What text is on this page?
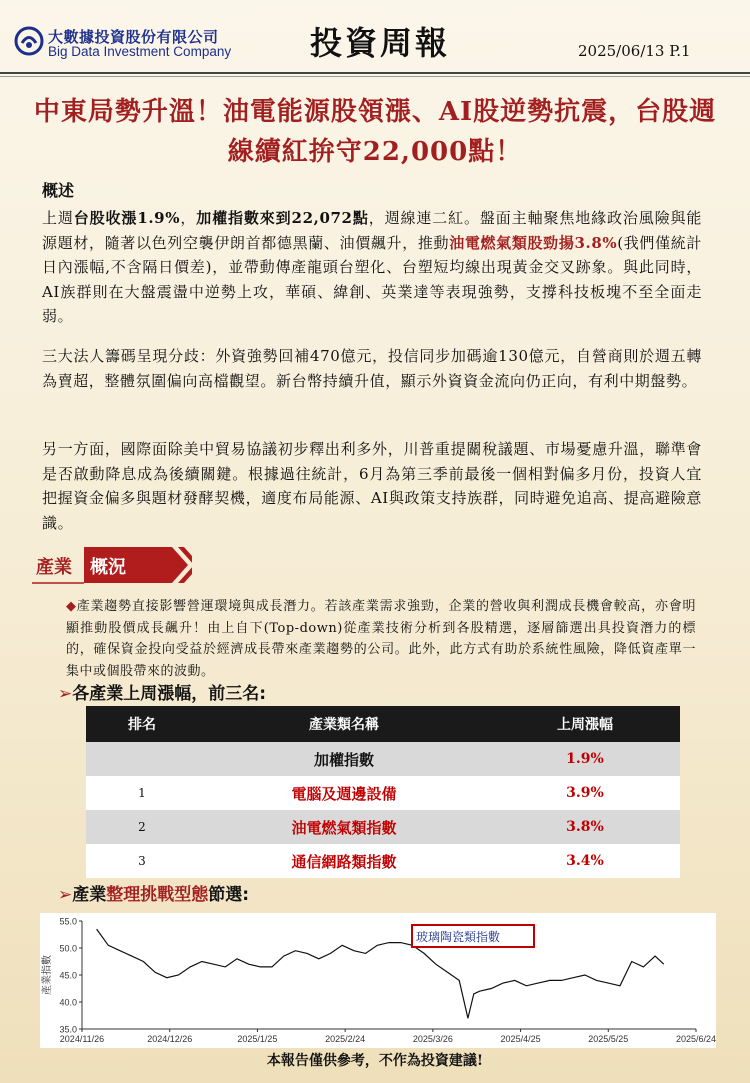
大數據投資股份有限公司
Big Data Investment Company 投資周報	2025/06/13 P.1
中東局勢升溫！油電能源股領漲、AI股逆勢抗震，台股週線續紅拚守22,000點！
概述
上週台股收漲1.9%，加權指數來到22,072點，週線連二紅。盤面主軸聚焦地緣政治風險與能源題材，隨著以色列空襲伊朗首都德黑蘭、油價飆升，推動油電燃氣類股勁揚3.8%(我們僅統計日內漲幅,不含隔日價差)，並帶動傳產龍頭台塑化、台塑短均線出現黃金交叉跡象。與此同時，AI族群則在大盤震盪中逆勢上攻，華碩、緯創、英業達等表現強勢，支撐科技板塊不至全面走弱。
三大法人籌碼呈現分歧：外資強勢回補470億元，投信同步加碼逾130億元，自營商則於週五轉為賣超，整體氛圍偏向高檔觀望。新台幣持續升值，顯示外資資金流向仍正向，有利中期盤勢。
另一方面，國際面除美中貿易協議初步釋出利多外，川普重提關稅議題、市場憂慮升溫，聯準會是否啟動降息成為後續關鍵。根據過往統計，6月為第三季前最後一個相對偏多月份，投資人宜把握資金偏多與題材發酵契機，適度布局能源、AI與政策支持族群，同時避免追高、提高避險意識。
產業 概況
◆產業趨勢直接影響營運環境與成長潛力。若該產業需求強勁，企業的營收與利潤成長機會較高，亦會明顯推動股價成長飆升！由上自下(Top-down)從產業技術分析到各股精選，逐層篩選出具投資潛力的標的，確保資金投向受益於經濟成長帶來產業趨勢的公司。此外，此方式有助於系統性風險，降低資產單一集中或個股帶來的波動。
➢各產業上周漲幅，前三名:
排名	產業類名稱	上周漲幅
	加權指數	1.9%
1	電腦及週邊設備	3.9%
2	油電燃氣類指數	3.8%
3	通信網路類指數	3.4%
➢產業整理挑戰型態節選:
55.0
50.0
45.0
40.0
35.0
2024/11/26	2024/12/26	2025/1/25	2025/2/24	2025/3/26	2025/4/25	2025/5/25	2025/6/24
產業指數
玻璃陶瓷類指數
本報告僅供參考，不作為投資建議!
